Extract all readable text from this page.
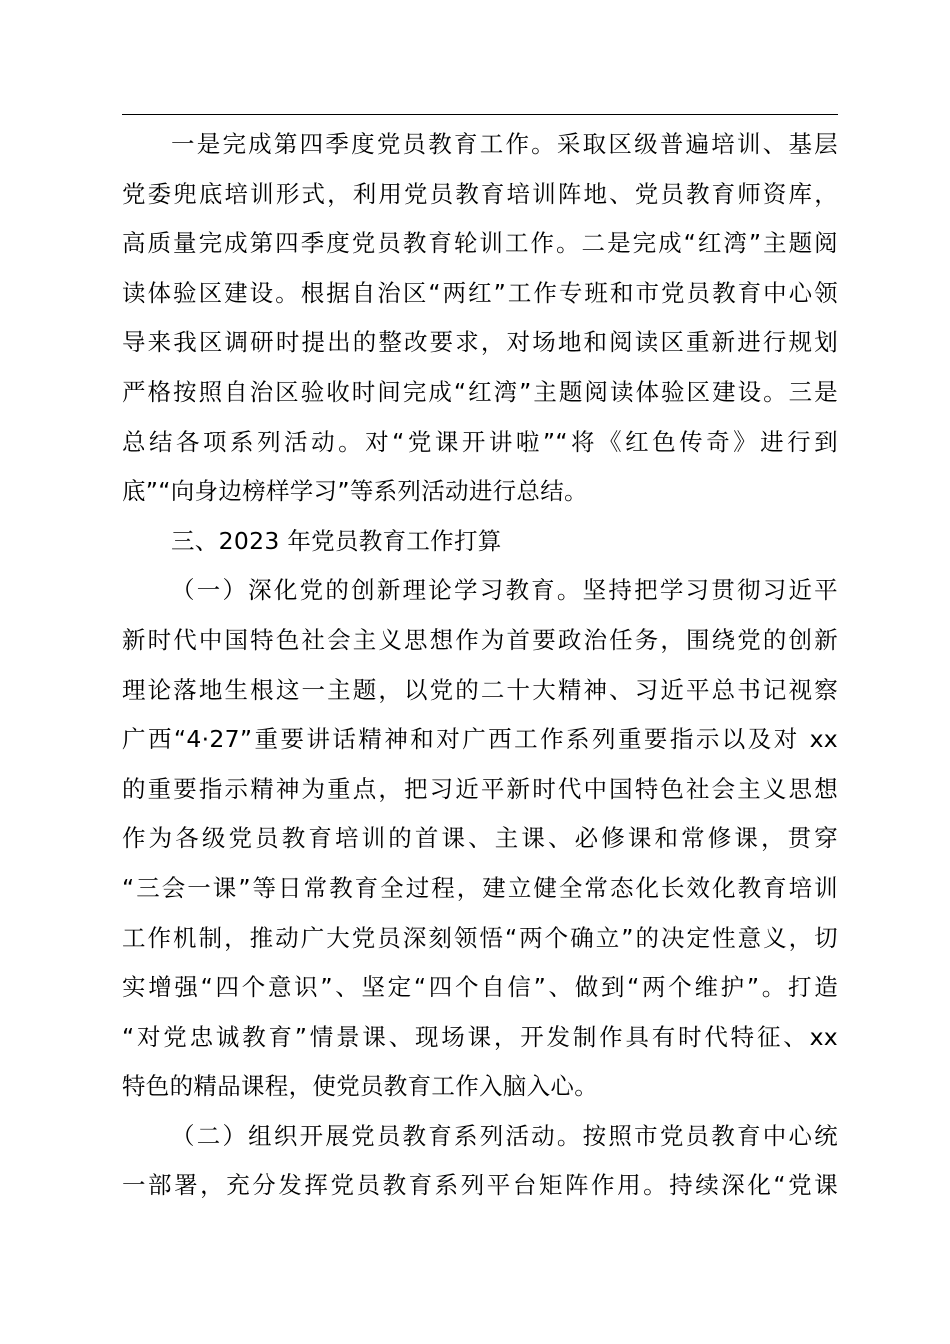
一是完成第四季度党员教育工作。采取区级普遍培训、基层
党委兜底培训形式，利用党员教育培训阵地、党员教育师资库，
高质量完成第四季度党员教育轮训工作。二是完成“红湾”主题阅
读体验区建设。根据自治区“两红”工作专班和市党员教育中心领
导来我区调研时提出的整改要求，对场地和阅读区重新进行规划
严格按照自治区验收时间完成“红湾”主题阅读体验区建设。三是
总结各项系列活动。对“党课开讲啦”“将《红色传奇》进行到
底”“向身边榜样学习”等系列活动进行总结。
三、2023 年党员教育工作打算
（一）深化党的创新理论学习教育。坚持把学习贯彻习近平
新时代中国特色社会主义思想作为首要政治任务，围绕党的创新
理论落地生根这一主题，以党的二十大精神、习近平总书记视察
广西“4·27”重要讲话精神和对广西工作系列重要指示以及对 xx
的重要指示精神为重点，把习近平新时代中国特色社会主义思想
作为各级党员教育培训的首课、主课、必修课和常修课，贯穿
“三会一课”等日常教育全过程，建立健全常态化长效化教育培训
工作机制，推动广大党员深刻领悟“两个确立”的决定性意义，切
实增强“四个意识”、坚定“四个自信”、做到“两个维护”。打造
“对党忠诚教育”情景课、现场课，开发制作具有时代特征、xx
特色的精品课程，使党员教育工作入脑入心。
（二）组织开展党员教育系列活动。按照市党员教育中心统
一部署，充分发挥党员教育系列平台矩阵作用。持续深化“党课
